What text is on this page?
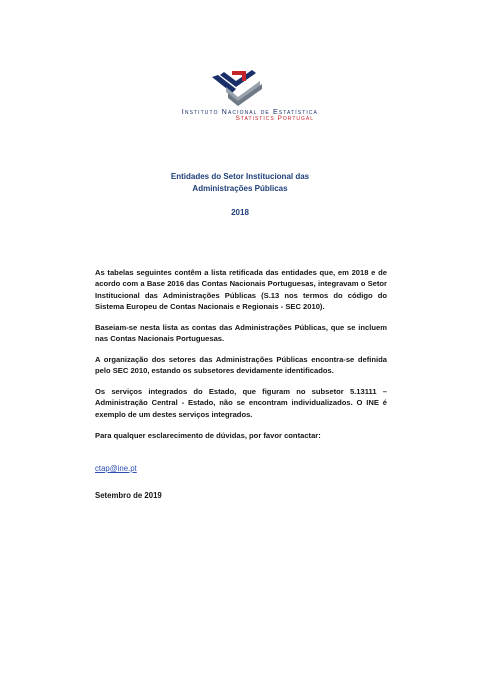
Instituto Nacional de Estatística
Statistics Portugal
Entidades do Setor Institucional das
Administrações Públicas
2018
As tabelas seguintes contêm a lista retificada das entidades que, em 2018 e de acordo com a Base 2016 das Contas Nacionais Portuguesas, integravam o Setor Institucional das Administrações Públicas (S.13 nos termos do código do Sistema Europeu de Contas Nacionais e Regionais - SEC 2010).
Baseiam-se nesta lista as contas das Administrações Públicas, que se incluem nas Contas Nacionais Portuguesas.
A organização dos setores das Administrações Públicas encontra-se definida pelo SEC 2010, estando os subsetores devidamente identificados.
Os serviços integrados do Estado, que figuram no subsetor 5.13111 – Administração Central - Estado, não se encontram individualizados. O INE é exemplo de um destes serviços integrados.
Para qualquer esclarecimento de dúvidas, por favor contactar:
ctap@ine.pt
Setembro de 2019
